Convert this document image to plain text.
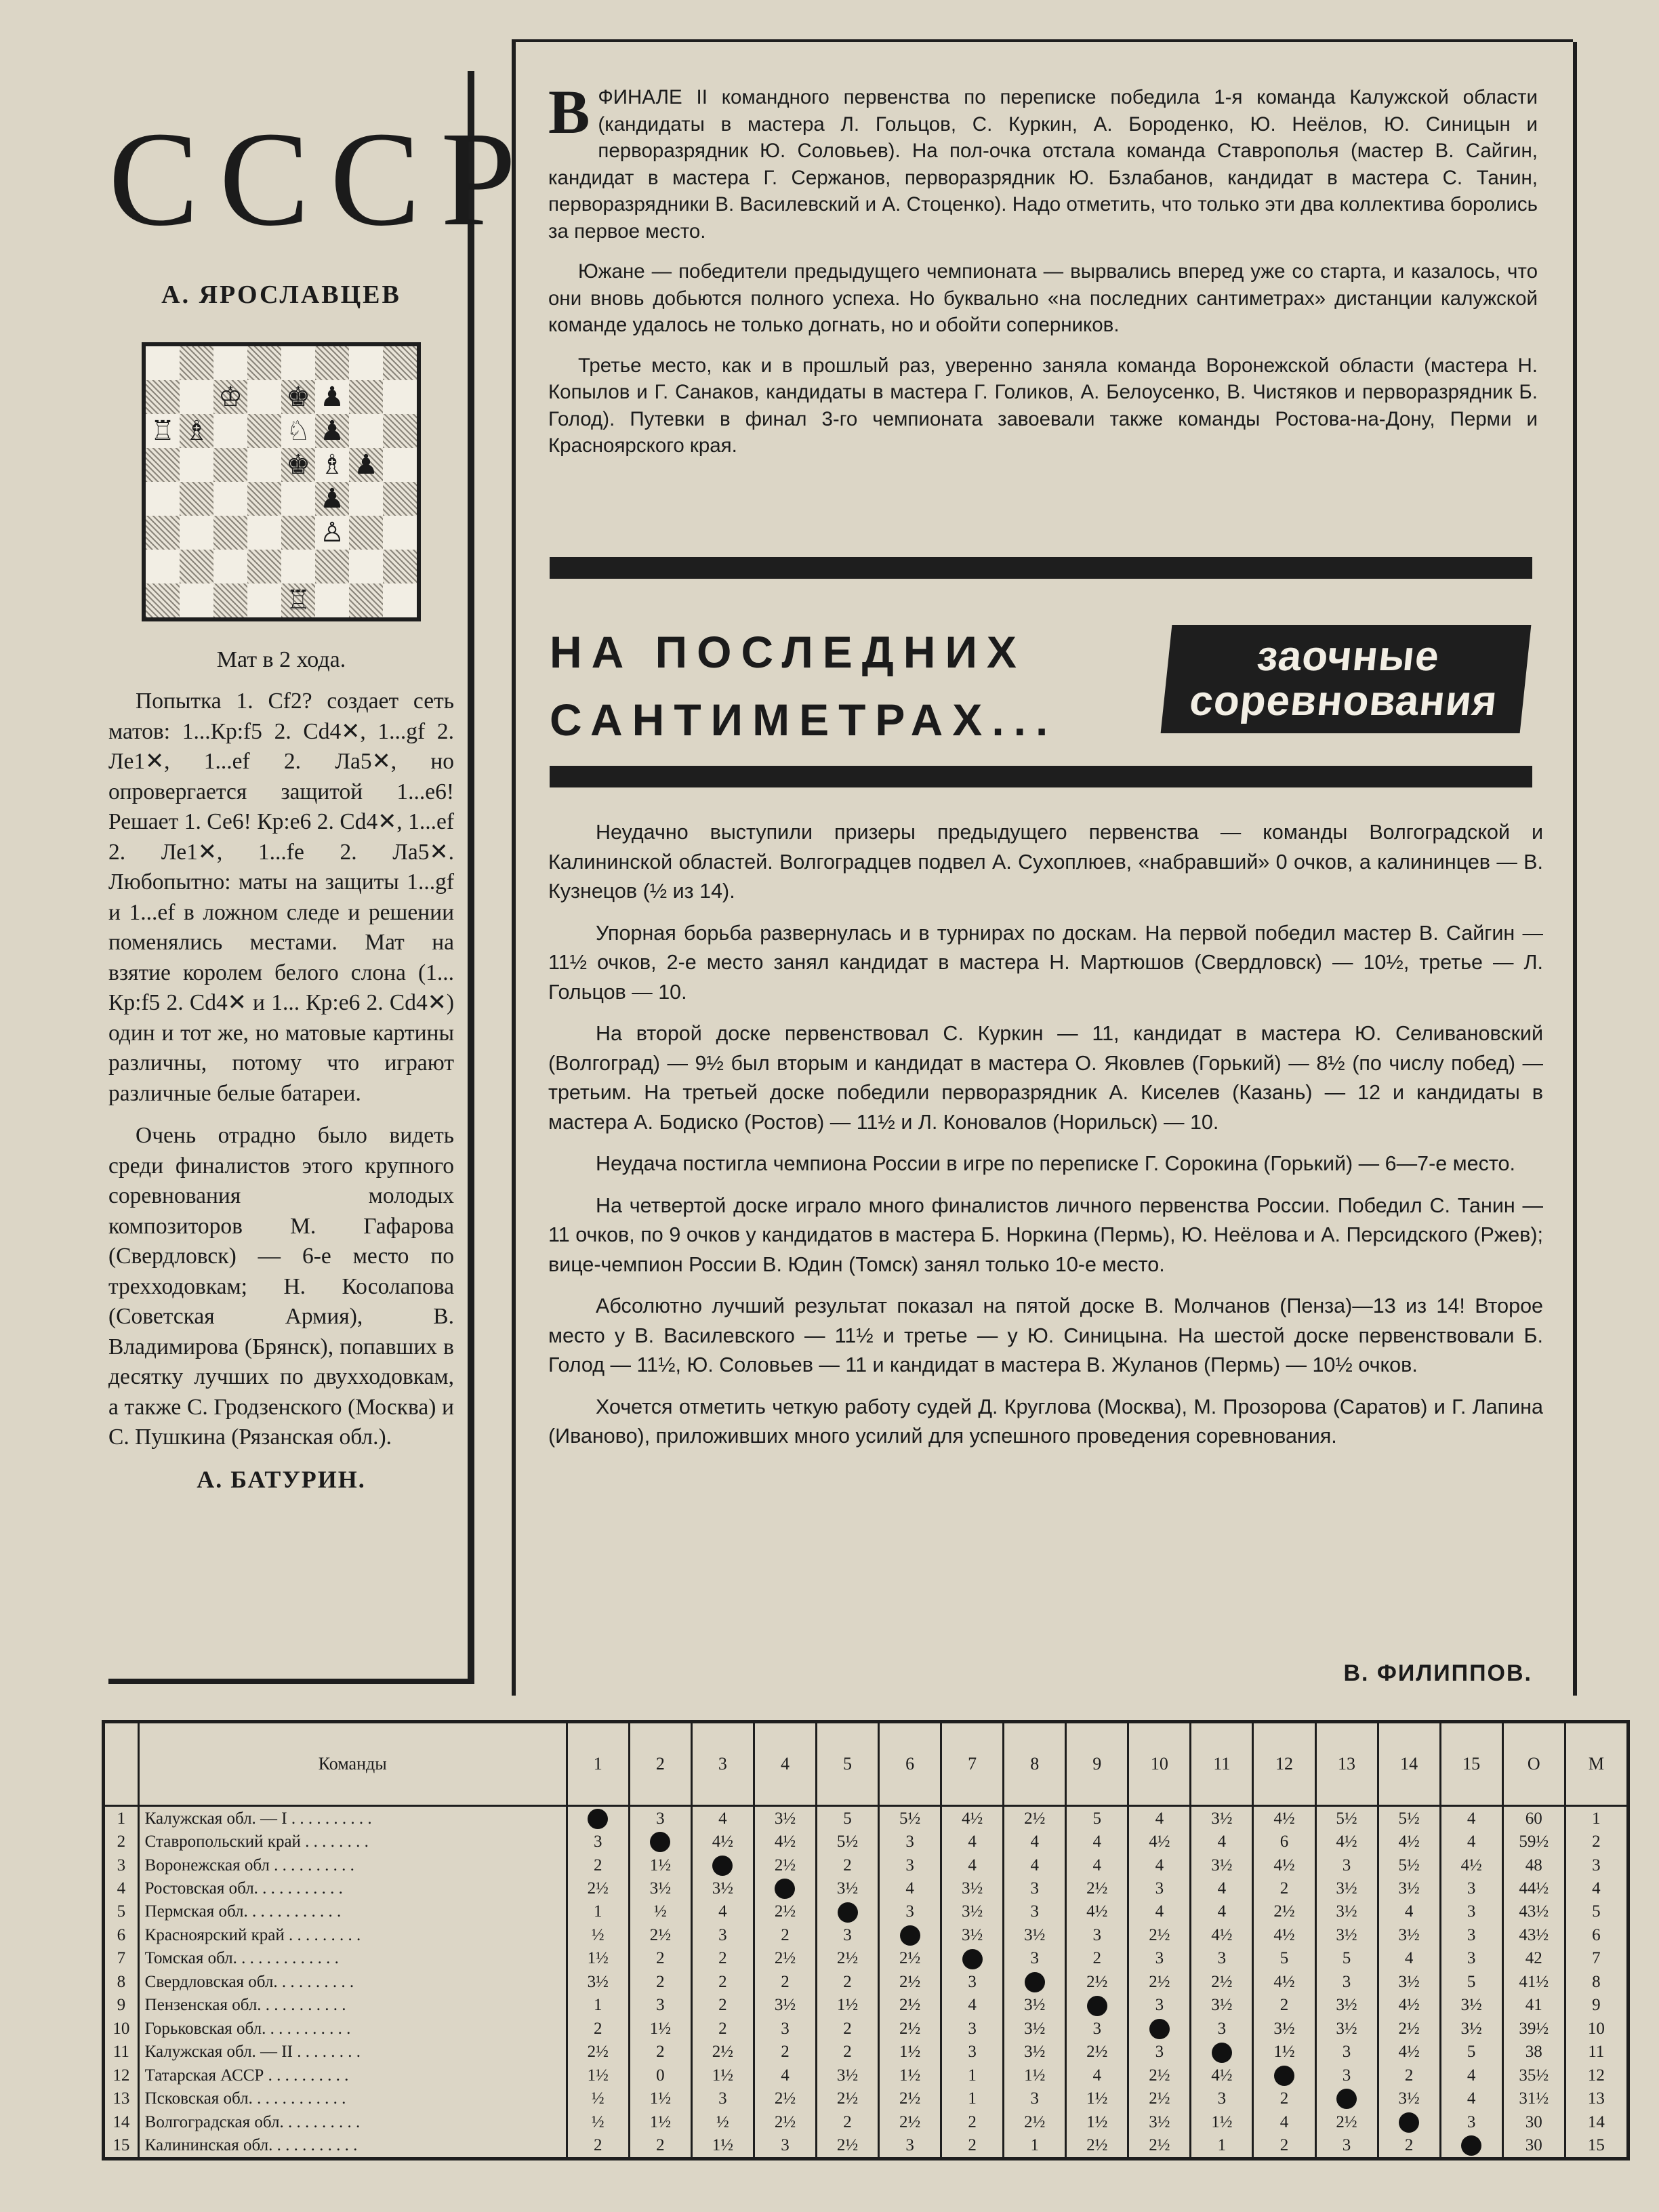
СССР
А. ЯРОСЛАВЦЕВ
♔ ♚ ♟
♖ ♗	♘ ♟
♚ ♗ ♟
♟
♙
♖
Мат в 2 хода.

Попытка 1. Cf2? создает сеть матов: 1...Кр:f5 2. Cd4✕, 1...gf 2. Ле1✕, 1...ef 2. Ла5✕, но опровергается защитой 1...е6! Решает 1. Се6! Кр:е6 2. Cd4✕, 1...ef 2. Ле1✕, 1...fe 2. Ла5✕. Любопытно: маты на защиты 1...gf и 1...ef в ложном следе и решении поменялись местами. Мат на взятие королем белого слона (1... Кр:f5 2. Cd4✕ и 1... Кр:е6 2. Cd4✕) один и тот же, но матовые картины различны, потому что играют различные белые батареи.

Очень отрадно было видеть среди финалистов этого крупного соревнования молодых композиторов М. Гафарова (Свердловск) — 6-е место по трехходовкам; Н. Косолапова (Советская Армия), В. Владимирова (Брянск), попавших в десятку лучших по двухходовкам, а также С. Гродзенского (Москва) и С. Пушкина (Рязанская обл.).

А. БАТУРИН.

ВФИНАЛЕ II командного первенства по переписке победила 1-я команда Калужской области (кандидаты в мастера Л. Гольцов, С. Куркин, А. Бороденко, Ю. Неёлов, Ю. Синицын и перворазрядник Ю. Соловьев). На пол-очка отстала команда Ставрополья (мастер В. Сайгин, кандидат в мастера Г. Сержанов, перворазрядник Ю. Бзлабанов, кандидат в мастера С. Танин, перворазрядники В. Василевский и А. Стоценко). Надо отметить, что только эти два коллектива боролись за первое место.

Южане — победители предыдущего чемпионата — вырвались вперед уже со старта, и казалось, что они вновь добьются полного успеха. Но буквально «на последних сантиметрах» дистанции калужской команде удалось не только догнать, но и обойти соперников.

Третье место, как и в прошлый раз, уверенно заняла команда Воронежской области (мастера Н. Копылов и Г. Санаков, кандидаты в мастера Г. Голиков, А. Белоусенко, В. Чистяков и перворазрядник Б. Голод). Путевки в финал 3-го чемпионата завоевали также команды Ростова-на-Дону, Перми и Красноярского края.

НА ПОСЛЕДНИХ
САНТИМЕТРАХ...
заочные
соревнования

Неудачно выступили призеры предыдущего первенства — команды Волгоградской и Калининской областей. Волгоградцев подвел А. Сухоплюев, «набравший» 0 очков, а калининцев — В. Кузнецов (½ из 14).

Упорная борьба развернулась и в турнирах по доскам. На первой победил мастер В. Сайгин — 11½ очков, 2-е место занял кандидат в мастера Н. Мартюшов (Свердловск) — 10½, третье — Л. Гольцов — 10.

На второй доске первенствовал С. Куркин — 11, кандидат в мастера Ю. Селивановский (Волгоград) — 9½ был вторым и кандидат в мастера О. Яковлев (Горький) — 8½ (по числу побед) — третьим. На третьей доске победили перворазрядник А. Киселев (Казань) — 12 и кандидаты в мастера А. Бодиско (Ростов) — 11½ и Л. Коновалов (Норильск) — 10.

Неудача постигла чемпиона России в игре по переписке Г. Сорокина (Горький) — 6—7-е место.

На четвертой доске играло много финалистов личного первенства России. Победил С. Танин — 11 очков, по 9 очков у кандидатов в мастера Б. Норкина (Пермь), Ю. Неёлова и А. Персидского (Ржев); вице-чемпион России В. Юдин (Томск) занял только 10-е место.

Абсолютно лучший результат показал на пятой доске В. Молчанов (Пенза)—13 из 14! Второе место у В. Василевского — 11½ и третье — у Ю. Синицына. На шестой доске первенствовали Б. Голод — 11½, Ю. Соловьев — 11 и кандидат в мастера В. Жуланов (Пермь) — 10½ очков.

Хочется отметить четкую работу судей Д. Круглова (Москва), М. Прозорова (Саратов) и Г. Лапина (Иваново), приложивших много усилий для успешного проведения соревнования.

В. ФИЛИППОВ.
	Команды	1	2	3	4	5	6	7	8	9	10	11	12	13	14	15	О	М
1	Калужская обл. — I . . . . . . . . . .		3	4	3½	5	5½	4½	2½	5	4	3½	4½	5½	5½	4	60	1
2	Ставропольский край . . . . . . . .	3		4½	4½	5½	3	4	4	4	4½	4	6	4½	4½	4	59½	2
3	Воронежская обл . . . . . . . . . .	2	1½		2½	2	3	4	4	4	4	3½	4½	3	5½	4½	48	3
4	Ростовская обл. . . . . . . . . . .	2½	3½	3½		3½	4	3½	3	2½	3	4	2	3½	3½	3	44½	4
5	Пермская обл. . . . . . . . . . . .	1	½	4	2½		3	3½	3	4½	4	4	2½	3½	4	3	43½	5
6	Красноярский край . . . . . . . . .	½	2½	3	2	3		3½	3½	3	2½	4½	4½	3½	3½	3	43½	6
7	Томская обл. . . . . . . . . . . . .	1½	2	2	2½	2½	2½		3	2	3	3	5	5	4	3	42	7
8	Свердловская обл. . . . . . . . . .	3½	2	2	2	2	2½	3		2½	2½	2½	4½	3	3½	5	41½	8
9	Пензенская обл. . . . . . . . . . .	1	3	2	3½	1½	2½	4	3½		3	3½	2	3½	4½	3½	41	9
10	Горьковская обл. . . . . . . . . . .	2	1½	2	3	2	2½	3	3½	3		3	3½	3½	2½	3½	39½	10
11	Калужская обл. — II . . . . . . . .	2½	2	2½	2	2	1½	3	3½	2½	3		1½	3	4½	5	38	11
12	Татарская АССР . . . . . . . . . .	1½	0	1½	4	3½	1½	1	1½	4	2½	4½		3	2	4	35½	12
13	Псковская обл. . . . . . . . . . . .	½	1½	3	2½	2½	2½	1	3	1½	2½	3	2		3½	4	31½	13
14	Волгоградская обл. . . . . . . . . .	½	1½	½	2½	2	2½	2	2½	1½	3½	1½	4	2½		3	30	14
15	Калининская обл. . . . . . . . . . .	2	2	1½	3	2½	3	2	1	2½	2½	1	2	3	2		30	15
